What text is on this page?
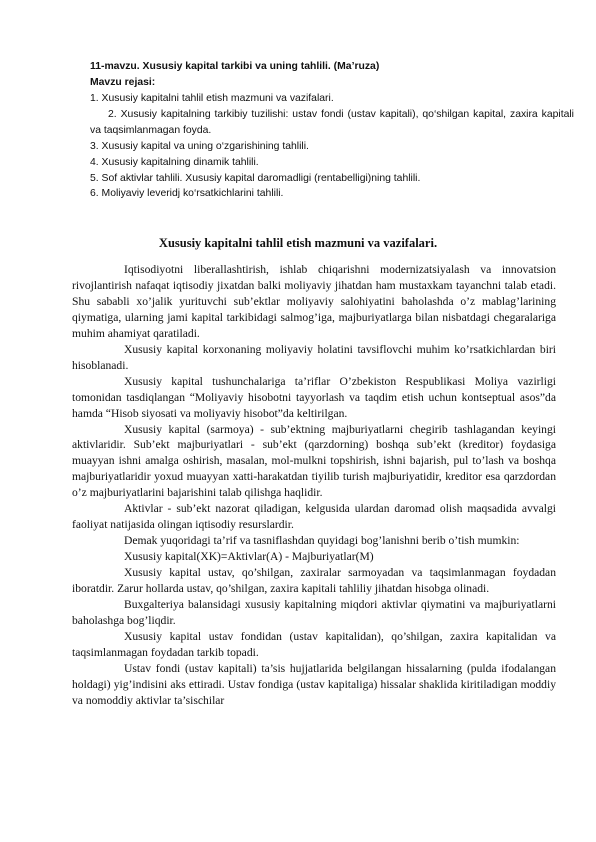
11-mavzu. Xususiy kapital tarkibi va uning tahlili. (Ma’ruza)
Mavzu rejasi:
1. Xususiy kapitalni tahlil etish mazmuni va vazifalari.
2. Xususiy kapitalning tarkibiy tuzilishi: ustav fondi (ustav kapitali), qo‘shilgan kapital, zaxira kapitali va taqsimlanmagan foyda.
3. Xususiy kapital va uning o‘zgarishining tahlili.
4. Xususiy kapitalning dinamik tahlili.
5. Sof aktivlar tahlili. Xususiy kapital daromadligi (rentabelligi)ning tahlili.
6. Moliyaviy leveridj ko‘rsatkichlarini tahlili.
Xususiy kapitalni tahlil etish mazmuni va vazifalari.

Iqtisodiyotni liberallashtirish, ishlab chiqarishni modernizatsiyalash va innovatsion rivojlantirish nafaqat iqtisodiy jixatdan balki moliyaviy jihatdan ham mustaxkam tayanchni talab etadi. Shu sababli xo’jalik yurituvchi sub’ektlar moliyaviy salohiyatini baholashda o’z mablag’larining qiymatiga, ularning jami kapital tarkibidagi salmog’iga, majburiyatlarga bilan nisbatdagi chegaralariga muhim ahamiyat qaratiladi.

Xususiy kapital korxonaning moliyaviy holatini tavsiflovchi muhim ko’rsatkichlardan biri hisoblanadi.

Xususiy kapital tushunchalariga ta’riflar O’zbekiston Respublikasi Moliya vazirligi tomonidan tasdiqlangan “Moliyaviy hisobotni tayyorlash va taqdim etish uchun kontseptual asos”da hamda “Hisob siyosati va moliyaviy hisobot”da keltirilgan.

Xususiy kapital (sarmoya) - sub’ektning majburiyatlarni chegirib tashlagandan keyingi aktivlaridir. Sub’ekt majburiyatlari - sub’ekt (qarzdorning) boshqa sub’ekt (kreditor) foydasiga muayyan ishni amalga oshirish, masalan, mol-mulkni topshirish, ishni bajarish, pul to’lash va boshqa majburiyatlaridir yoxud muayyan xatti-harakatdan tiyilib turish majburiyatidir, kreditor esa qarzdordan o’z majburiyatlarini bajarishini talab qilishga haqlidir.

Aktivlar - sub’ekt nazorat qiladigan, kelgusida ulardan daromad olish maqsadida avvalgi faoliyat natijasida olingan iqtisodiy resurslardir.

Demak yuqoridagi ta’rif va tasniflashdan quyidagi bog’lanishni berib o’tish mumkin:

Xususiy kapital(XK)=Aktivlar(A) - Majburiyatlar(M)

Xususiy kapital ustav, qo’shilgan, zaxiralar sarmoyadan va taqsimlanmagan foydadan iboratdir. Zarur hollarda ustav, qo’shilgan, zaxira kapitali tahliliy jihatdan hisobga olinadi.

Buxgalteriya balansidagi xususiy kapitalning miqdori aktivlar qiymatini va majburiyatlarni baholashga bog’liqdir.

Xususiy kapital ustav fondidan (ustav kapitalidan), qo’shilgan, zaxira kapitalidan va taqsimlanmagan foydadan tarkib topadi.

Ustav fondi (ustav kapitali) ta’sis hujjatlarida belgilangan hissalarning (pulda ifodalangan holdagi) yig’indisini aks ettiradi. Ustav fondiga (ustav kapitaliga) hissalar shaklida kiritiladigan moddiy va nomoddiy aktivlar ta’sischilar
